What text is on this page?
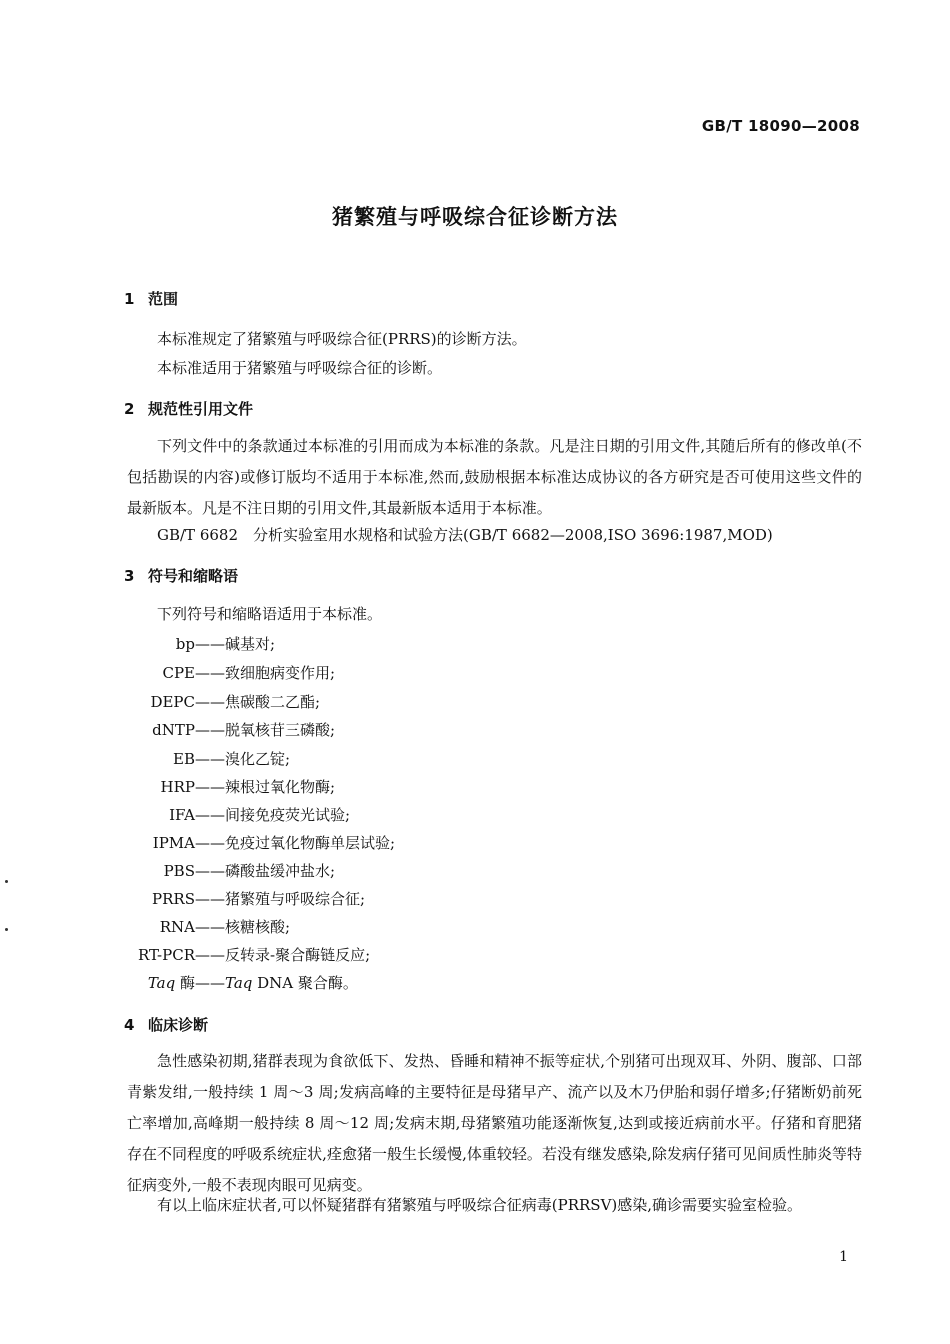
GB/T 18090—2008
猪繁殖与呼吸综合征诊断方法
1 范围
本标准规定了猪繁殖与呼吸综合征(PRRS)的诊断方法。
本标准适用于猪繁殖与呼吸综合征的诊断。
2 规范性引用文件

下列文件中的条款通过本标准的引用而成为本标准的条款。凡是注日期的引用文件,其随后所有的修改单(不包括勘误的内容)或修订版均不适用于本标准,然而,鼓励根据本标准达成协议的各方研究是否可使用这些文件的最新版本。凡是不注日期的引用文件,其最新版本适用于本标准。

GB/T 6682　分析实验室用水规格和试验方法(GB/T 6682—2008,ISO 3696:1987,MOD)
3 符号和缩略语
下列符号和缩略语适用于本标准。
bp——碱基对;
CPE——致细胞病变作用;
DEPC——焦碳酸二乙酯;
dNTP——脱氧核苷三磷酸;
EB——溴化乙锭;
HRP——辣根过氧化物酶;
IFA——间接免疫荧光试验;
IPMA——免疫过氧化物酶单层试验;
PBS——磷酸盐缓冲盐水;
PRRS——猪繁殖与呼吸综合征;
RNA——核糖核酸;
RT-PCR——反转录-聚合酶链反应;
Taq 酶——Taq DNA 聚合酶。
4 临床诊断

急性感染初期,猪群表现为食欲低下、发热、昏睡和精神不振等症状,个别猪可出现双耳、外阴、腹部、口部青紫发绀,一般持续 1 周～3 周;发病高峰的主要特征是母猪早产、流产以及木乃伊胎和弱仔增多;仔猪断奶前死亡率增加,高峰期一般持续 8 周～12 周;发病末期,母猪繁殖功能逐渐恢复,达到或接近病前水平。仔猪和育肥猪存在不同程度的呼吸系统症状,痊愈猪一般生长缓慢,体重较轻。若没有继发感染,除发病仔猪可见间质性肺炎等特征病变外,一般不表现肉眼可见病变。

有以上临床症状者,可以怀疑猪群有猪繁殖与呼吸综合征病毒(PRRSV)感染,确诊需要实验室检验。

1
